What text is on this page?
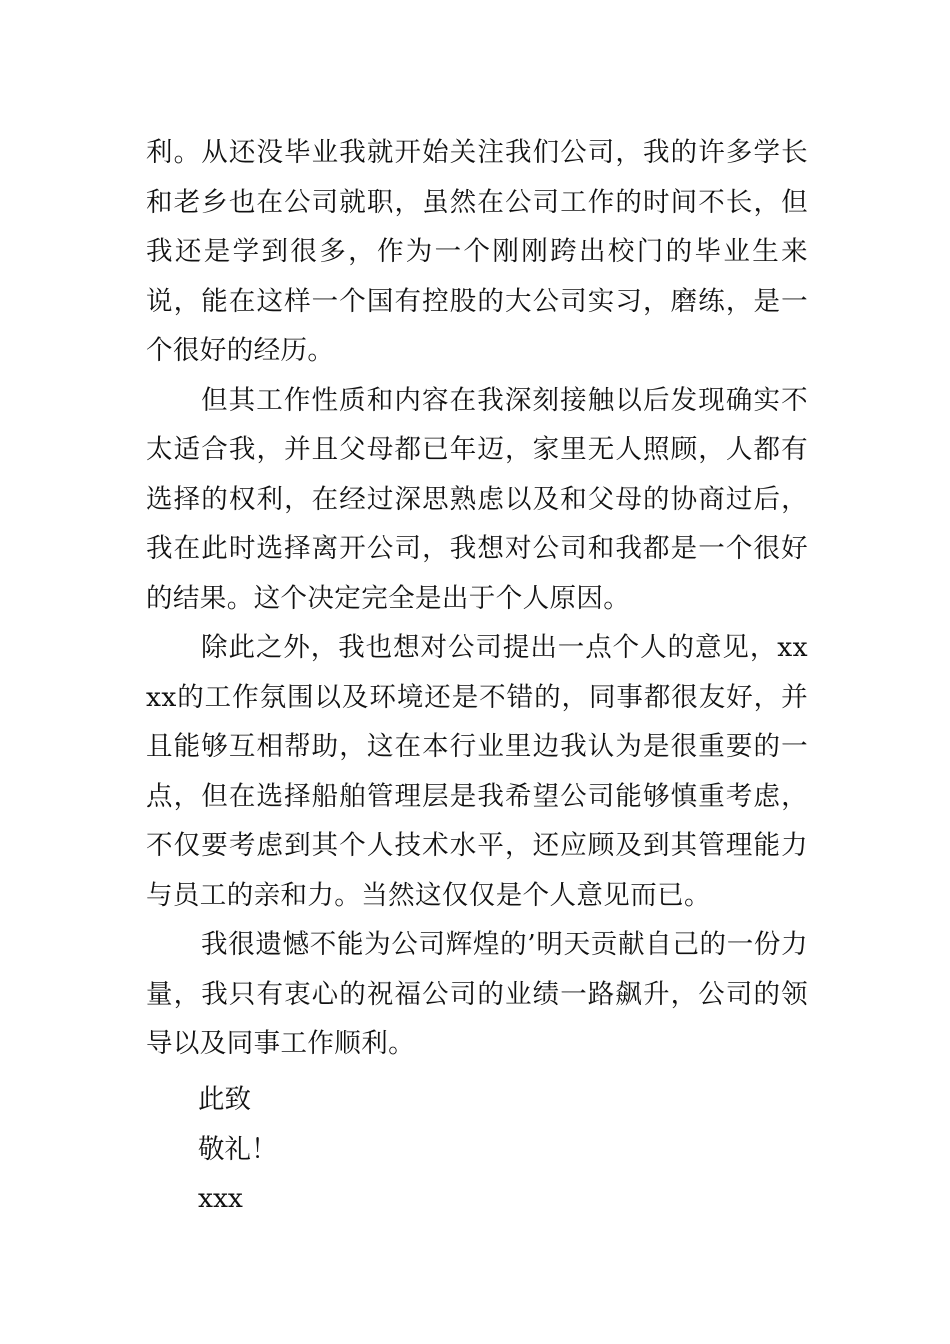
利。从还没毕业我就开始关注我们公司，我的许多学长和老乡也在公司就职，虽然在公司工作的时间不长，但我还是学到很多，作为一个刚刚跨出校门的毕业生来说，能在这样一个国有控股的大公司实习，磨练，是一个很好的经历。

但其工作性质和内容在我深刻接触以后发现确实不太适合我，并且父母都已年迈，家里无人照顾，人都有选择的权利，在经过深思熟虑以及和父母的协商过后，我在此时选择离开公司，我想对公司和我都是一个很好的结果。这个决定完全是出于个人原因。

除此之外，我也想对公司提出一点个人的意见，xxxx的工作氛围以及环境还是不错的，同事都很友好，并且能够互相帮助，这在本行业里边我认为是很重要的一点，但在选择船舶管理层是我希望公司能够慎重考虑，不仅要考虑到其个人技术水平，还应顾及到其管理能力与员工的亲和力。当然这仅仅是个人意见而已。

我很遗憾不能为公司辉煌的’明天贡献自己的一份力量，我只有衷心的祝福公司的业绩一路飙升，公司的领导以及同事工作顺利。

此致

敬礼！

xxx
